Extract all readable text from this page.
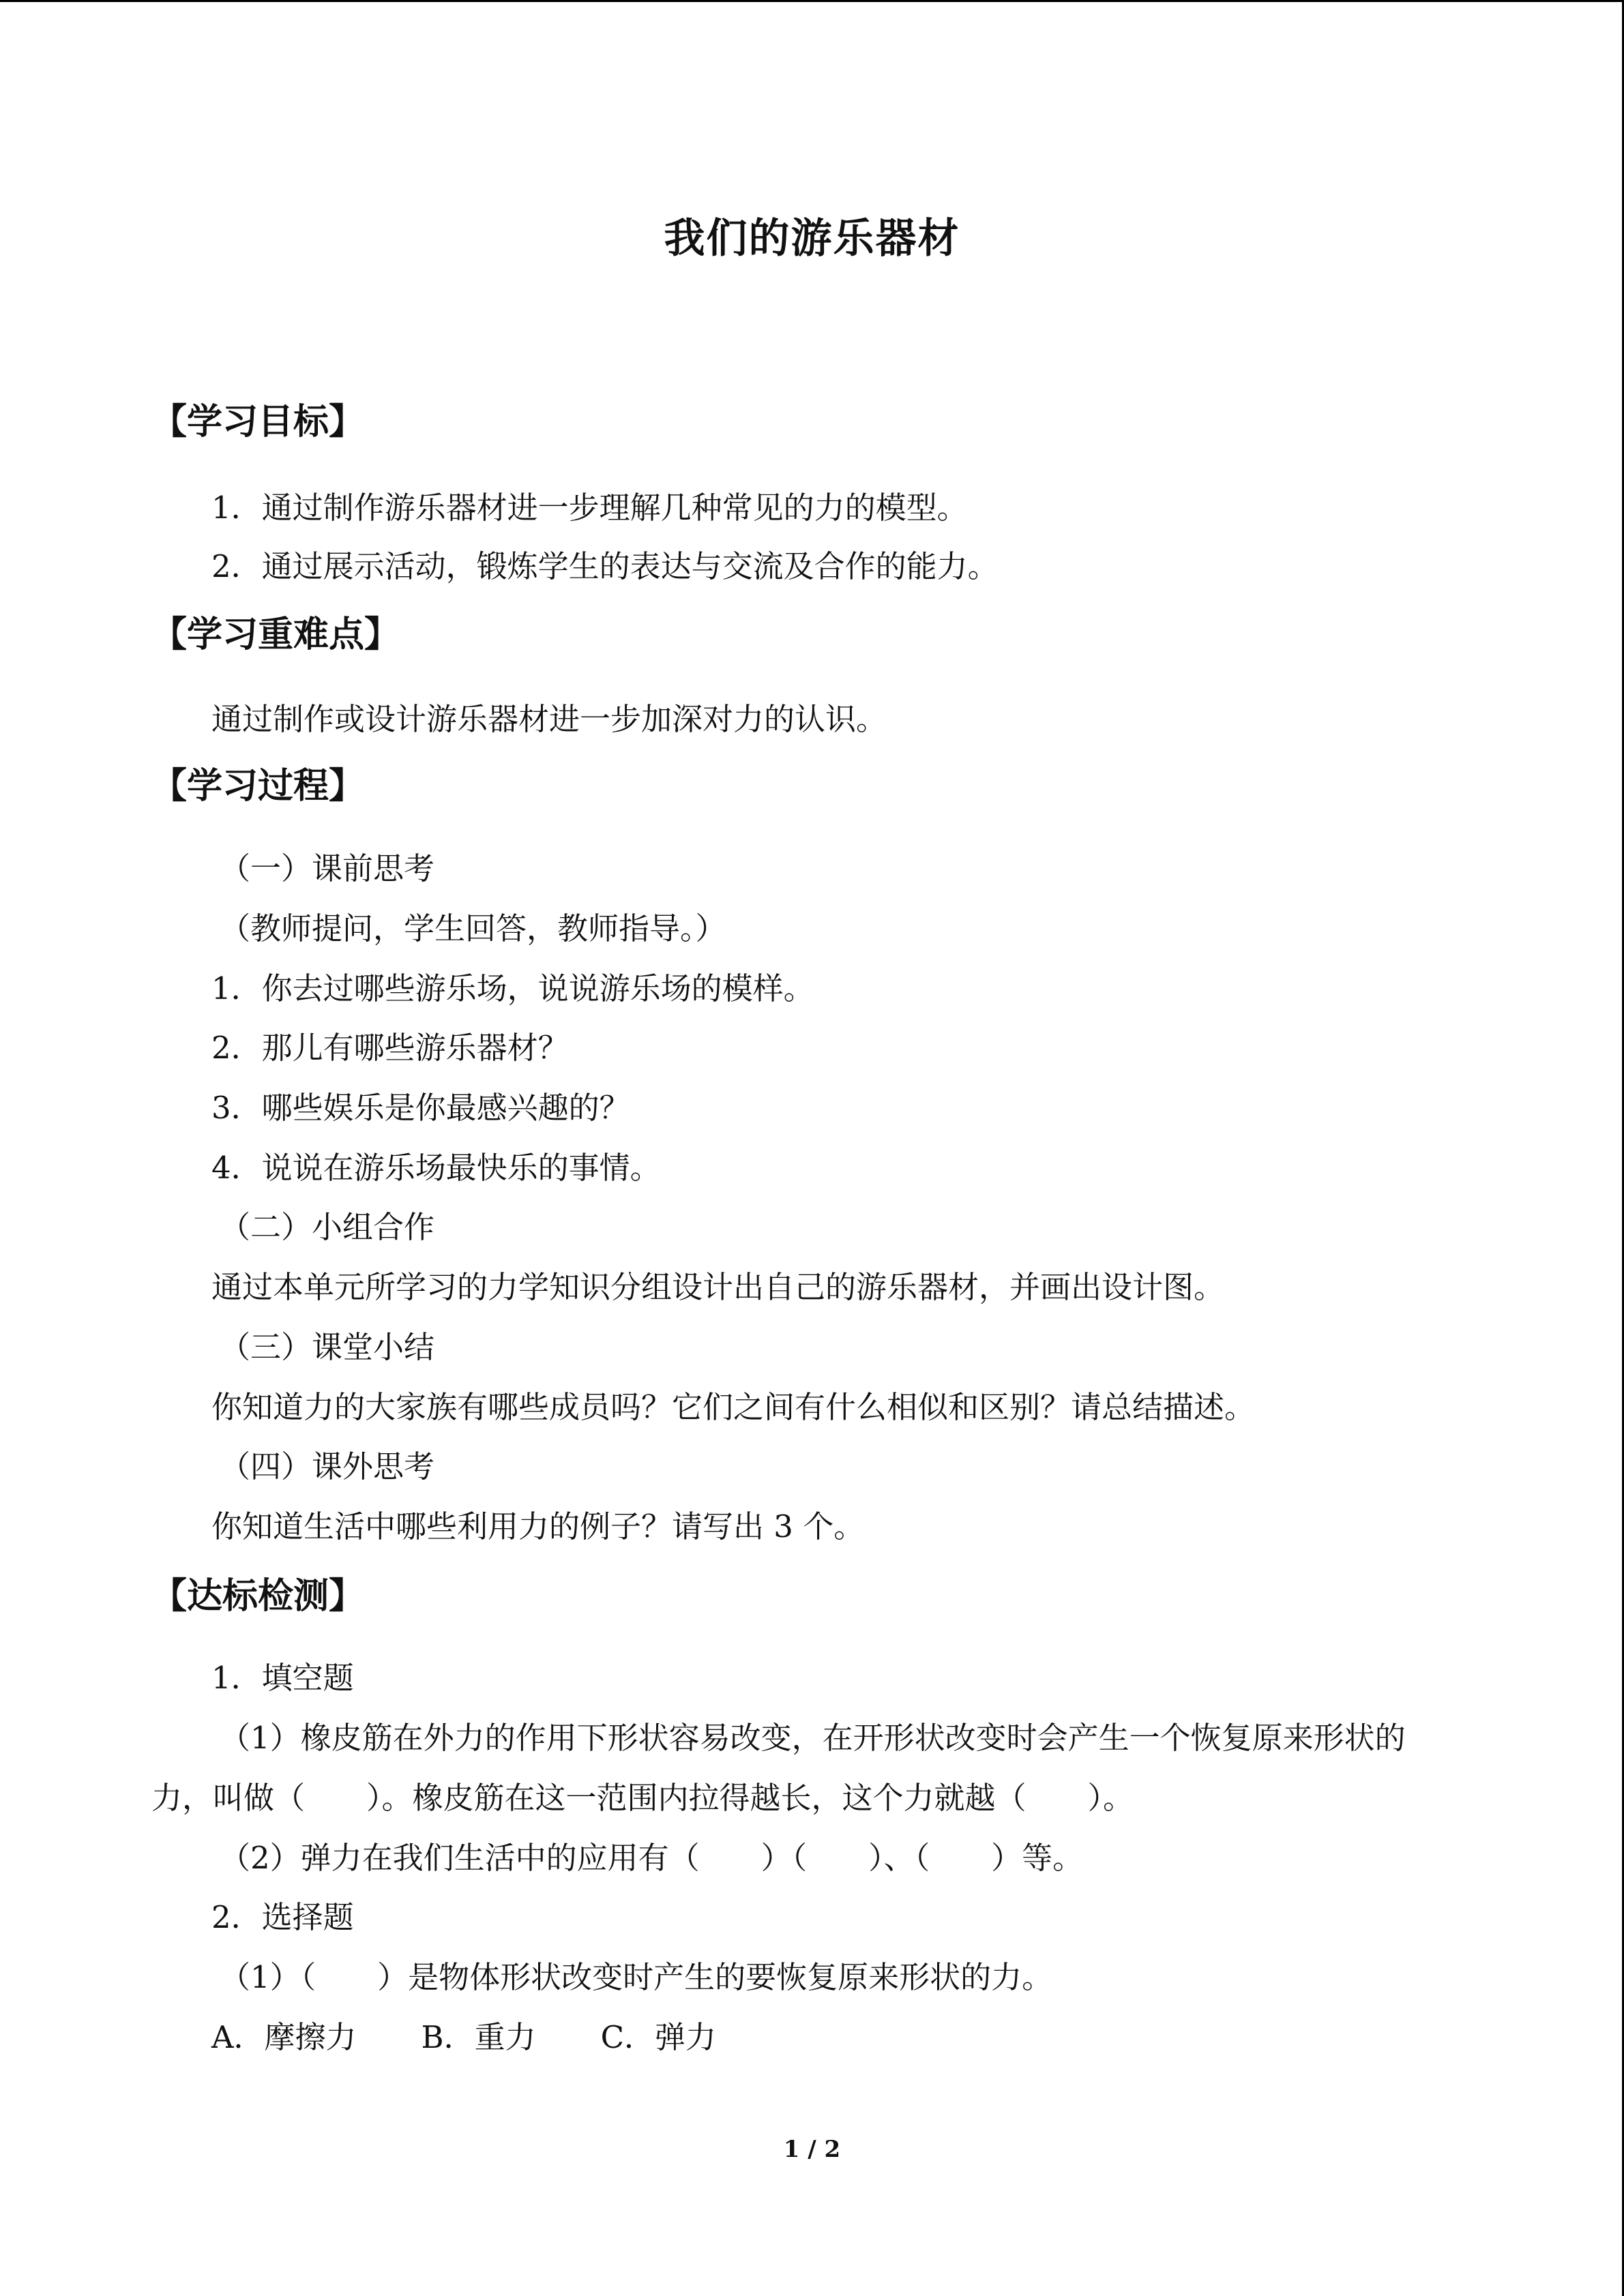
我们的游乐器材
【学习目标】
1．通过制作游乐器材进一步理解几种常见的力的模型。
2．通过展示活动，锻炼学生的表达与交流及合作的能力。
【学习重难点】
通过制作或设计游乐器材进一步加深对力的认识。
【学习过程】
（一）课前思考
（教师提问，学生回答，教师指导。）
1．你去过哪些游乐场，说说游乐场的模样。
2．那儿有哪些游乐器材？
3．哪些娱乐是你最感兴趣的？
4．说说在游乐场最快乐的事情。
（二）小组合作
通过本单元所学习的力学知识分组设计出自己的游乐器材，并画出设计图。
（三）课堂小结
你知道力的大家族有哪些成员吗？它们之间有什么相似和区别？请总结描述。
（四）课外思考
你知道生活中哪些利用力的例子？请写出 3 个。
【达标检测】
1．填空题
（1）橡皮筋在外力的作用下形状容易改变，在开形状改变时会产生一个恢复原来形状的
力，叫做（　　）。橡皮筋在这一范围内拉得越长，这个力就越（　　）。
（2）弹力在我们生活中的应用有（　　）（　　）、（　　）等。
2．选择题
（1）（　　）是物体形状改变时产生的要恢复原来形状的力。
A．摩擦力 B．重力 C．弹力
1 / 2
